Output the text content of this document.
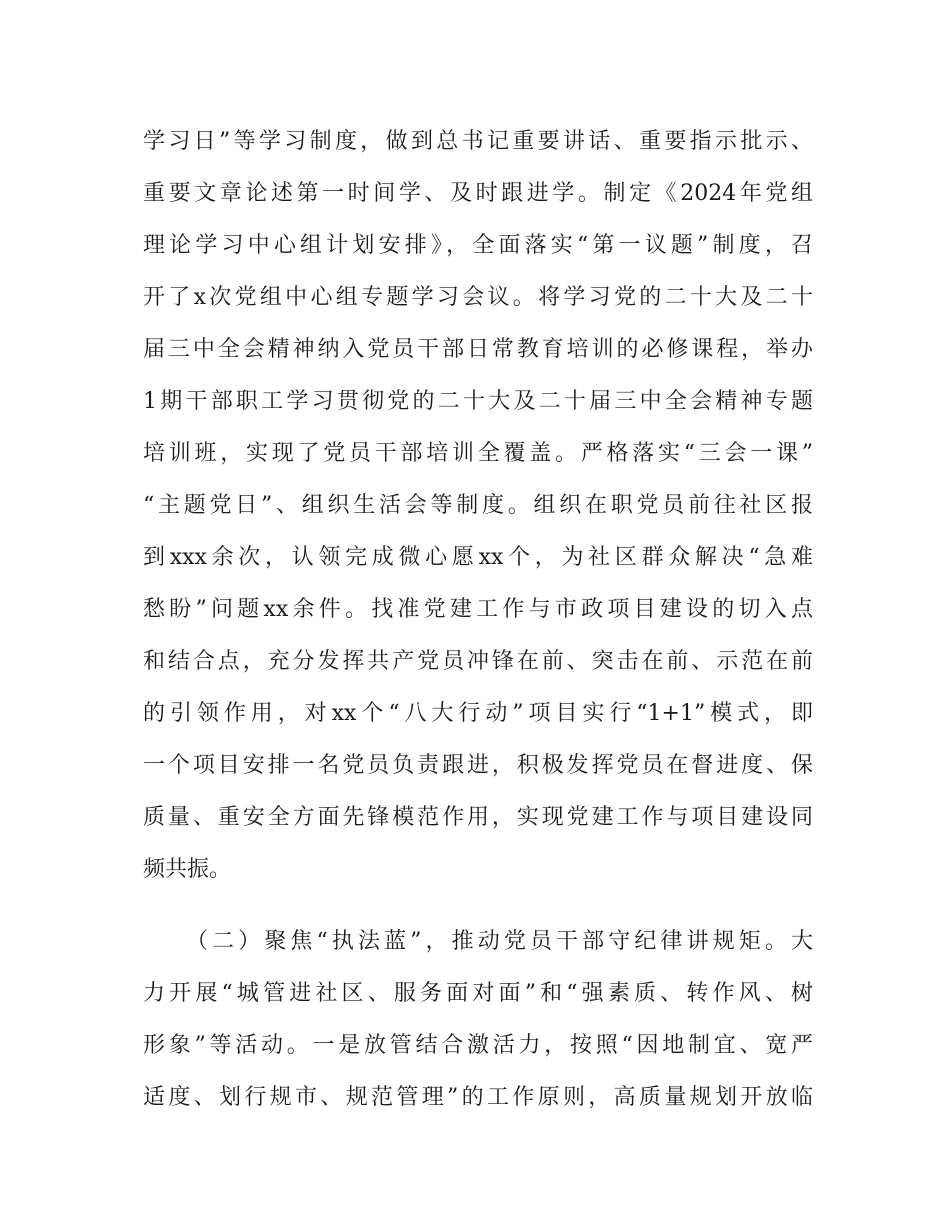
学习日”等学习制度，做到总书记重要讲话、重要指示批示、
重要文章论述第一时间学、及时跟进学。制定《2024年党组
理论学习中心组计划安排》，全面落实“第一议题”制度，召
开了x次党组中心组专题学习会议。将学习党的二十大及二十
届三中全会精神纳入党员干部日常教育培训的必修课程，举办
1期干部职工学习贯彻党的二十大及二十届三中全会精神专题
培训班，实现了党员干部培训全覆盖。严格落实“三会一课”
“主题党日”、组织生活会等制度。组织在职党员前往社区报
到xxx余次，认领完成微心愿xx个，为社区群众解决“急难
愁盼”问题xx余件。找准党建工作与市政项目建设的切入点
和结合点，充分发挥共产党员冲锋在前、突击在前、示范在前
的引领作用，对xx个“八大行动”项目实行“1+1”模式，即
一个项目安排一名党员负责跟进，积极发挥党员在督进度、保
质量、重安全方面先锋模范作用，实现党建工作与项目建设同
频共振。
（二）聚焦“执法蓝”，推动党员干部守纪律讲规矩。大
力开展“城管进社区、服务面对面”和“强素质、转作风、树
形象”等活动。一是放管结合激活力，按照“因地制宜、宽严
适度、划行规市、规范管理”的工作原则，高质量规划开放临
